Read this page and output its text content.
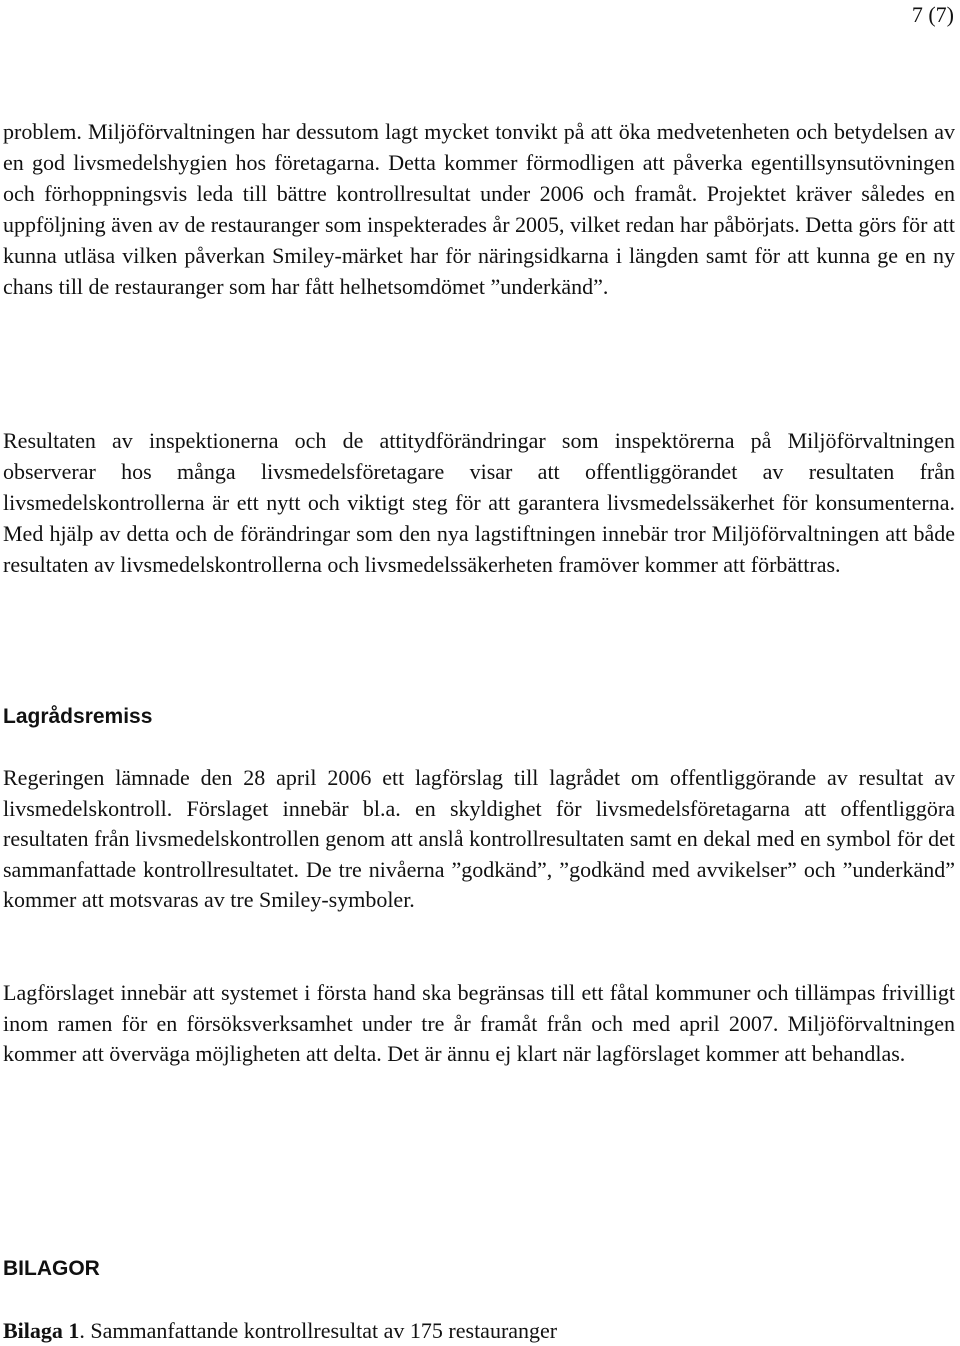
7 (7)

problem. Miljöförvaltningen har dessutom lagt mycket tonvikt på att öka medvetenheten och betydelsen av en god livsmedelshygien hos företagarna. Detta kommer förmodligen att påverka egentillsynsutövningen och förhoppningsvis leda till bättre kontrollresultat under 2006 och framåt. Projektet kräver således en uppföljning även av de restauranger som inspekterades år 2005, vilket redan har påbörjats. Detta görs för att kunna utläsa vilken påverkan Smiley-märket har för näringsidkarna i längden samt för att kunna ge en ny chans till de restauranger som har fått helhetsomdömet ”underkänd”.

Resultaten av inspektionerna och de attitydförändringar som inspektörerna på Miljöförvaltningen observerar hos många livsmedelsföretagare visar att offentliggörandet av resultaten från livsmedelskontrollerna är ett nytt och viktigt steg för att garantera livsmedelssäkerhet för konsumenterna. Med hjälp av detta och de förändringar som den nya lagstiftningen innebär tror Miljöförvaltningen att både resultaten av livsmedelskontrollerna och livsmedelssäkerheten framöver kommer att förbättras.

Lagrådsremiss

Regeringen lämnade den 28 april 2006 ett lagförslag till lagrådet om offentliggörande av resultat av livsmedelskontroll. Förslaget innebär bl.a. en skyldighet för livsmedelsföretagarna att offentliggöra resultaten från livsmedelskontrollen genom att anslå kontrollresultaten samt en dekal med en symbol för det sammanfattade kontrollresultatet. De tre nivåerna ”godkänd”, ”godkänd med avvikelser” och ”underkänd” kommer att motsvaras av tre Smiley-symboler.

Lagförslaget innebär att systemet i första hand ska begränsas till ett fåtal kommuner och tillämpas frivilligt inom ramen för en försöksverksamhet under tre år framåt från och med april 2007. Miljöförvaltningen kommer att överväga möjligheten att delta. Det är ännu ej klart när lagförslaget kommer att behandlas.

BILAGOR

Bilaga 1. Sammanfattande kontrollresultat av 175 restauranger
